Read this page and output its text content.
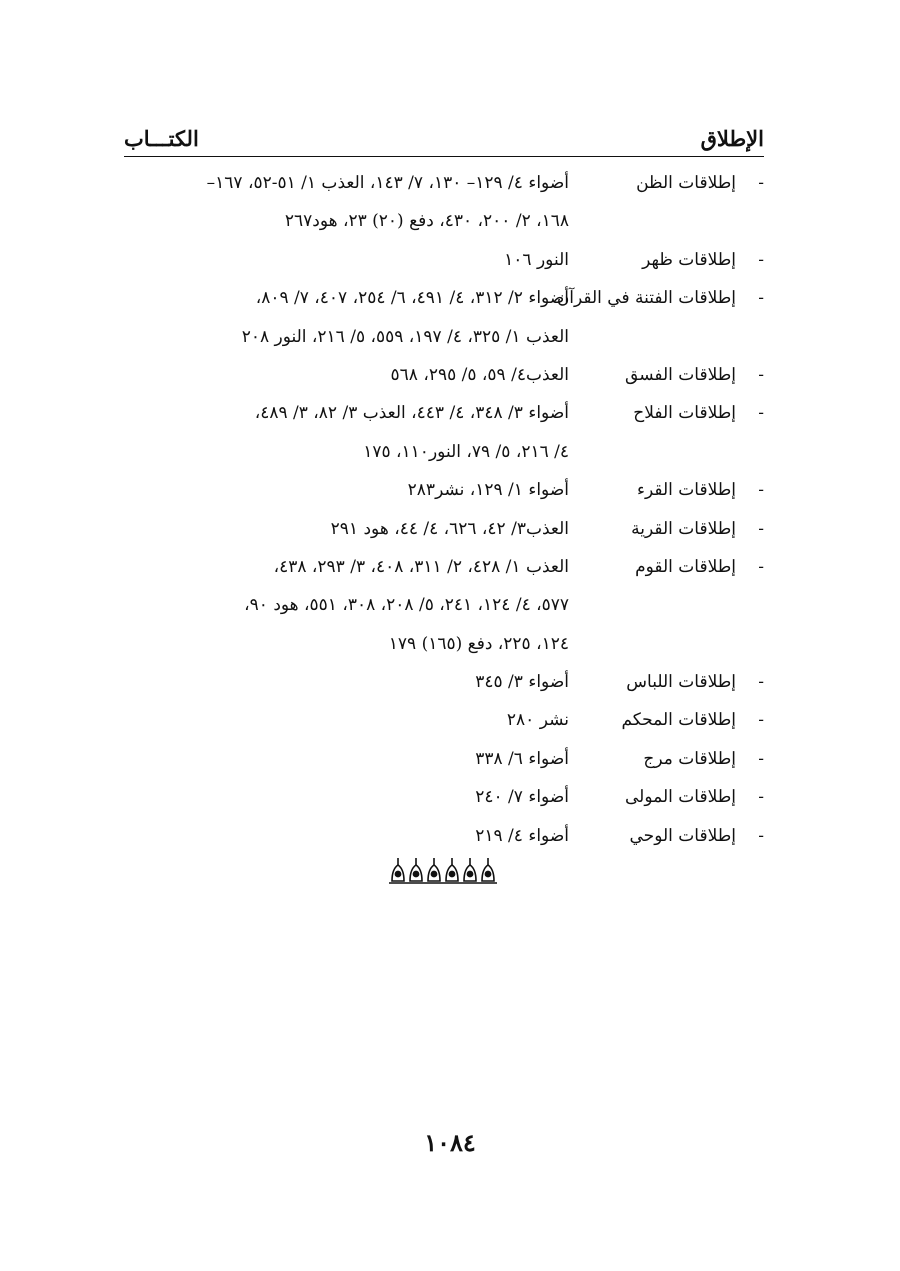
الإطلاق
الكتـــاب
-
إطلاقات الظن
أضواء ٤/ ١٢٩– ١٣٠، ٧/ ١٤٣، العذب ١/ ٥١-٥٢، ١٦٧–
١٦٨، ٢/ ٢٠٠، ٤٣٠، دفع (٢٠) ٢٣، هود٢٦٧
-
إطلاقات ظهر
النور ١٠٦
-
إطلاقات الفتنة في القرآن
أضواء ٢/ ٣١٢، ٤/ ٤٩١، ٦/ ٢٥٤، ٤٠٧، ٧/ ٨٠٩،
العذب ١/ ٣٢٥، ٤/ ١٩٧، ٥٥٩، ٥/ ٢١٦، النور ٢٠٨
-
إطلاقات الفسق
العذب٤/ ٥٩، ٥/ ٢٩٥، ٥٦٨
-
إطلاقات الفلاح
أضواء ٣/ ٣٤٨، ٤/ ٤٤٣، العذب ٣/ ٨٢، ٣/ ٤٨٩،
٤/ ٢١٦، ٥/ ٧٩، النور١١٠، ١٧٥
-
إطلاقات القرء
أضواء ١/ ١٢٩، نشر٢٨٣
-
إطلاقات القرية
العذب٣/ ٤٢، ٦٢٦، ٤/ ٤٤، هود ٢٩١
-
إطلاقات القوم
العذب ١/ ٤٢٨، ٢/ ٣١١، ٤٠٨، ٣/ ٢٩٣، ٤٣٨،
٥٧٧، ٤/ ١٢٤، ٢٤١، ٥/ ٢٠٨، ٣٠٨، ٥٥١، هود ٩٠،
١٢٤، ٢٢٥، دفع (١٦٥) ١٧٩
-
إطلاقات اللباس
أضواء ٣/ ٣٤٥
-
إطلاقات المحكم
نشر ٢٨٠
-
إطلاقات مرج
أضواء ٦/ ٣٣٨
-
إطلاقات المولى
أضواء ٧/ ٢٤٠
-
إطلاقات الوحي
أضواء ٤/ ٢١٩
١٠٨٤
